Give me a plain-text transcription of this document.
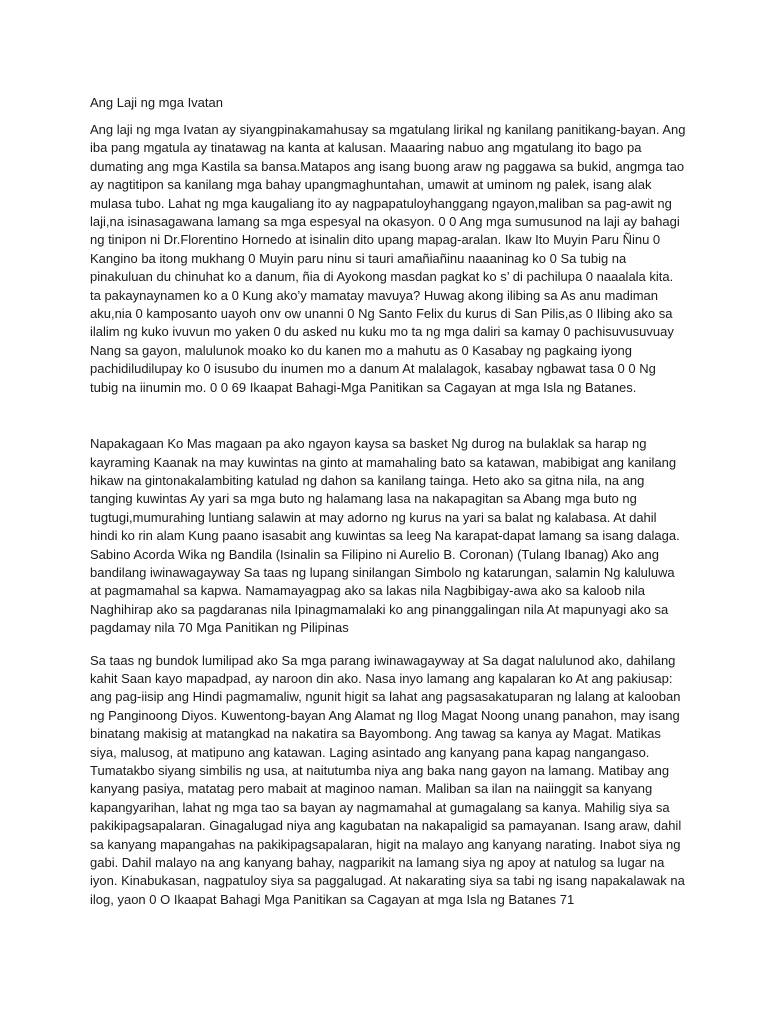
Ang Laji ng mga Ivatan

Ang laji ng mga Ivatan ay siyangpinakamahusay sa mgatulang lirikal ng kanilang panitikang-bayan. Ang iba pang mgatula ay tinatawag na kanta at kalusan. Maaaring nabuo ang mgatulang ito bago pa dumating ang mga Kastila sa bansa.Matapos ang isang buong araw ng paggawa sa bukid, angmga tao ay nagtitipon sa kanilang mga bahay upangmaghuntahan, umawit at uminom ng palek, isang alak mulasa tubo. Lahat ng mga kaugaliang ito ay nagpapatuloyhanggang ngayon,maliban sa pag-awit ng laji,na isinasagawana lamang sa mga espesyal na okasyon. 0 0 Ang mga sumusunod na laji ay bahagi ng tinipon ni Dr.Florentino Hornedo at isinalin dito upang mapag-aralan. Ikaw Ito Muyin Paru Ñinu 0 Kangino ba itong mukhang 0 Muyin paru ninu si tauri amañiañinu naaaninag ko 0 Sa tubig na pinakuluan du chinuhat ko a danum, ñia di Ayokong masdan pagkat ko s’ di pachilupa 0 naaalala kita. ta pakaynaynamen ko a 0 Kung ako’y mamatay mavuya? Huwag akong ilibing sa As anu madiman aku,nia 0 kamposanto uayoh onv ow unanni 0 Ng Santo Felix du kurus di San Pilis,as 0 Ilibing ako sa ilalim ng kuko ivuvun mo yaken 0 du asked nu kuku mo ta ng mga daliri sa kamay 0 pachisuvusuvuay Nang sa gayon, malulunok moako ko du kanen mo a mahutu as 0 Kasabay ng pagkaing iyong pachidiludilupay ko 0 isusubo du inumen mo a danum At malalagok, kasabay ngbawat tasa 0 0 Ng tubig na iinumin mo. 0 0 69 Ikaapat Bahagi-Mga Panitikan sa Cagayan at mga Isla ng Batanes.

Napakagaan Ko Mas magaan pa ako ngayon kaysa sa basket Ng durog na bulaklak sa harap ng kayraming Kaanak na may kuwintas na ginto at mamahaling bato sa katawan, mabibigat ang kanilang hikaw na gintonakalambiting katulad ng dahon sa kanilang tainga. Heto ako sa gitna nila, na ang tanging kuwintas Ay yari sa mga buto ng halamang lasa na nakapagitan sa Abang mga buto ng tugtugi,mumurahing luntiang salawin at may adorno ng kurus na yari sa balat ng kalabasa. At dahil hindi ko rin alam Kung paano isasabit ang kuwintas sa leeg Na karapat-dapat lamang sa isang dalaga. Sabino Acorda Wika ng Bandila (Isinalin sa Filipino ni Aurelio B. Coronan) (Tulang Ibanag) Ako ang bandilang iwinawagayway Sa taas ng lupang sinilangan Simbolo ng katarungan, salamin Ng kaluluwa at pagmamahal sa kapwa. Namamayagpag ako sa lakas nila Nagbibigay-awa ako sa kaloob nila Naghihirap ako sa pagdaranas nila Ipinagmamalaki ko ang pinanggalingan nila At mapunyagi ako sa pagdamay nila 70 Mga Panitikan ng Pilipinas

Sa taas ng bundok lumilipad ako Sa mga parang iwinawagayway at Sa dagat nalulunod ako, dahilang kahit Saan kayo mapadpad, ay naroon din ako. Nasa inyo lamang ang kapalaran ko At ang pakiusap: ang pag-iisip ang Hindi pagmamaliw, ngunit higit sa lahat ang pagsasakatuparan ng lalang at kalooban ng Panginoong Diyos. Kuwentong-bayan Ang Alamat ng Ilog Magat Noong unang panahon, may isang binatang makisig at matangkad na nakatira sa Bayombong. Ang tawag sa kanya ay Magat. Matikas siya, malusog, at matipuno ang katawan. Laging asintado ang kanyang pana kapag nangangaso. Tumatakbo siyang simbilis ng usa, at naitutumba niya ang baka nang gayon na lamang. Matibay ang kanyang pasiya, matatag pero mabait at maginoo naman. Maliban sa ilan na naiinggit sa kanyang kapangyarihan, lahat ng mga tao sa bayan ay nagmamahal at gumagalang sa kanya. Mahilig siya sa pakikipagsapalaran. Ginagalugad niya ang kagubatan na nakapaligid sa pamayanan. Isang araw, dahil sa kanyang mapangahas na pakikipagsapalaran, higit na malayo ang kanyang narating. Inabot siya ng gabi. Dahil malayo na ang kanyang bahay, nagparikit na lamang siya ng apoy at natulog sa lugar na iyon. Kinabukasan, nagpatuloy siya sa paggalugad. At nakarating siya sa tabi ng isang napakalawak na ilog, yaon 0 O Ikaapat Bahagi Mga Panitikan sa Cagayan at mga Isla ng Batanes 71
